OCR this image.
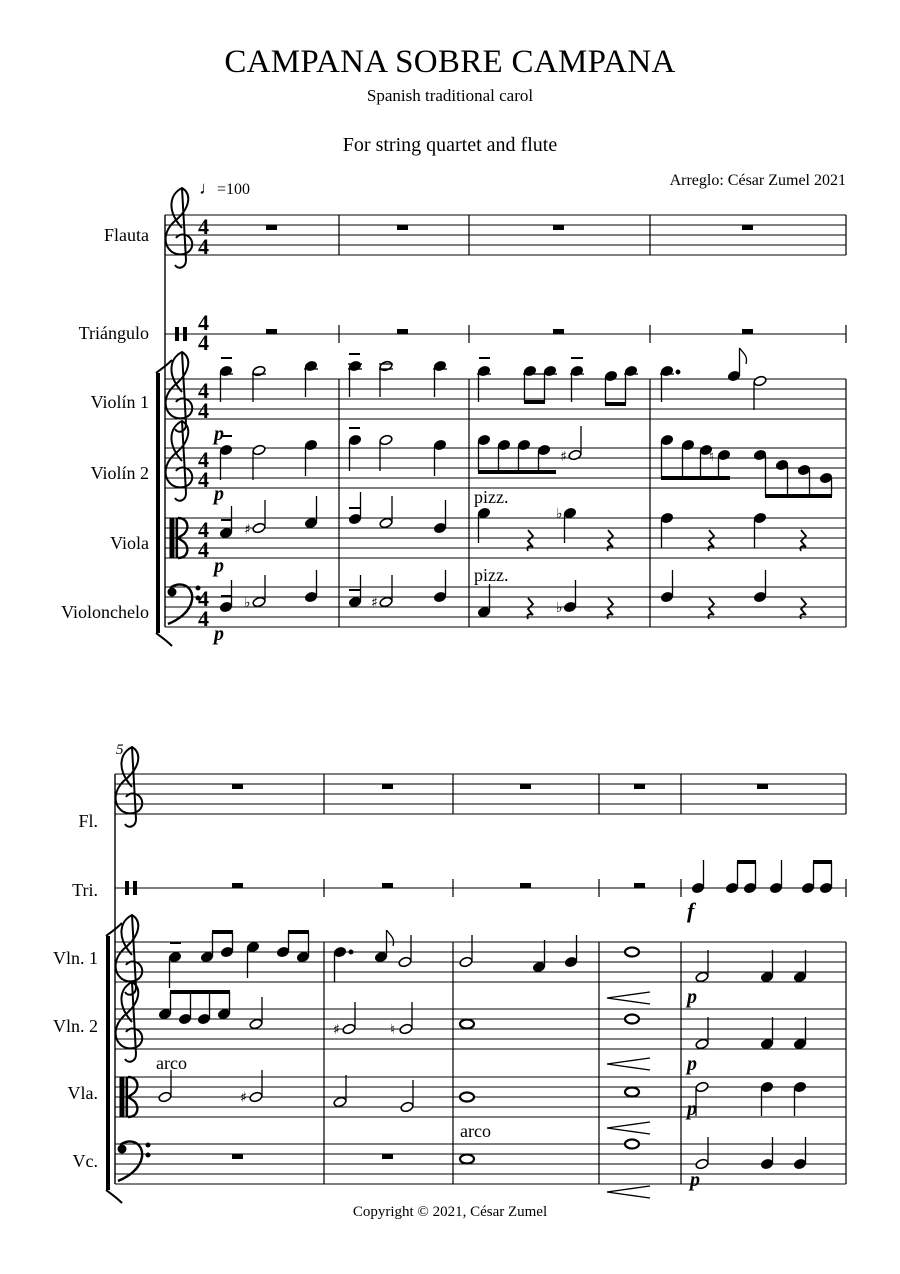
CAMPANA SOBRE CAMPANA
Spanish traditional carol
For string quartet and flute
Arreglo: César Zumel 2021
♩=100
Flauta
Triángulo
Violín 1
Violín 2
Viola
Violonchelo
5
Fl.
Tri.
Vln. 1
Vln. 2
Vla.
Vc.
4
4
4
4
4
4
4
4
4
4
4
4
p
♯	♮
p	pizz.
♯
♭
p
♭	♯	♭
p
pizz.
f
p
♯	♮
p
arco
♯	p
p
arco
Copyright © 2021, César Zumel
